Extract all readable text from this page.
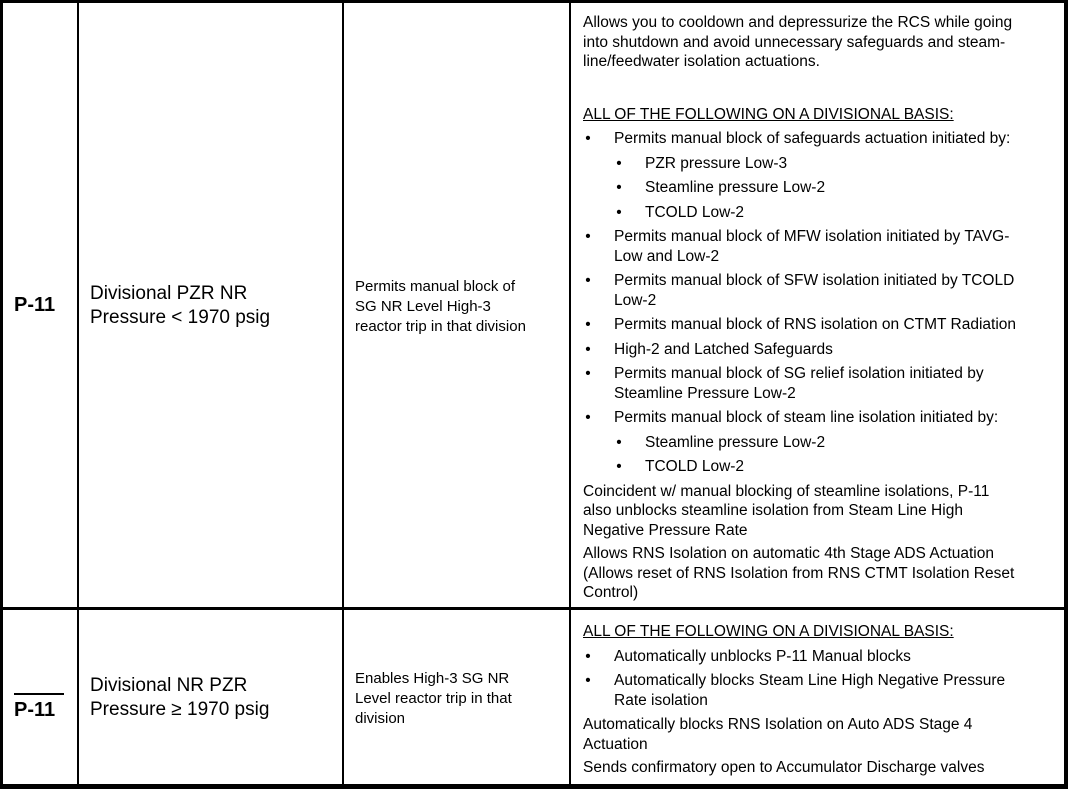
P-11
Divisional PZR NR
Pressure < 1970 psig
Permits manual block of
SG NR Level High-3
reactor trip in that division

Allows you to cooldown and depressurize the RCS while going
into shutdown and avoid unnecessary safeguards and steam-
line/feedwater isolation actuations.

ALL OF THE FOLLOWING ON A DIVISIONAL BASIS:

• Permits manual block of safeguards actuation initiated by:
• PZR pressure Low-3
• Steamline pressure Low-2
• TCOLD Low-2
• Permits manual block of MFW isolation initiated by TAVG-
Low and Low-2
• Permits manual block of SFW isolation initiated by TCOLD
Low-2
• Permits manual block of RNS isolation on CTMT Radiation
• High-2 and Latched Safeguards
• Permits manual block of SG relief isolation initiated by
Steamline Pressure Low-2
• Permits manual block of steam line isolation initiated by:
• Steamline pressure Low-2
• TCOLD Low-2

Coincident w/ manual blocking of steamline isolations, P-11
also unblocks steamline isolation from Steam Line High
Negative Pressure Rate

Allows RNS Isolation on automatic 4th Stage ADS Actuation
(Allows reset of RNS Isolation from RNS CTMT Isolation Reset
Control)

P-11
Divisional NR PZR
Pressure ≥ 1970 psig
Enables High-3 SG NR
Level reactor trip in that
division

ALL OF THE FOLLOWING ON A DIVISIONAL BASIS:

• Automatically unblocks P-11 Manual blocks
• Automatically blocks Steam Line High Negative Pressure
Rate isolation

Automatically blocks RNS Isolation on Auto ADS Stage 4
Actuation

Sends confirmatory open to Accumulator Discharge valves
